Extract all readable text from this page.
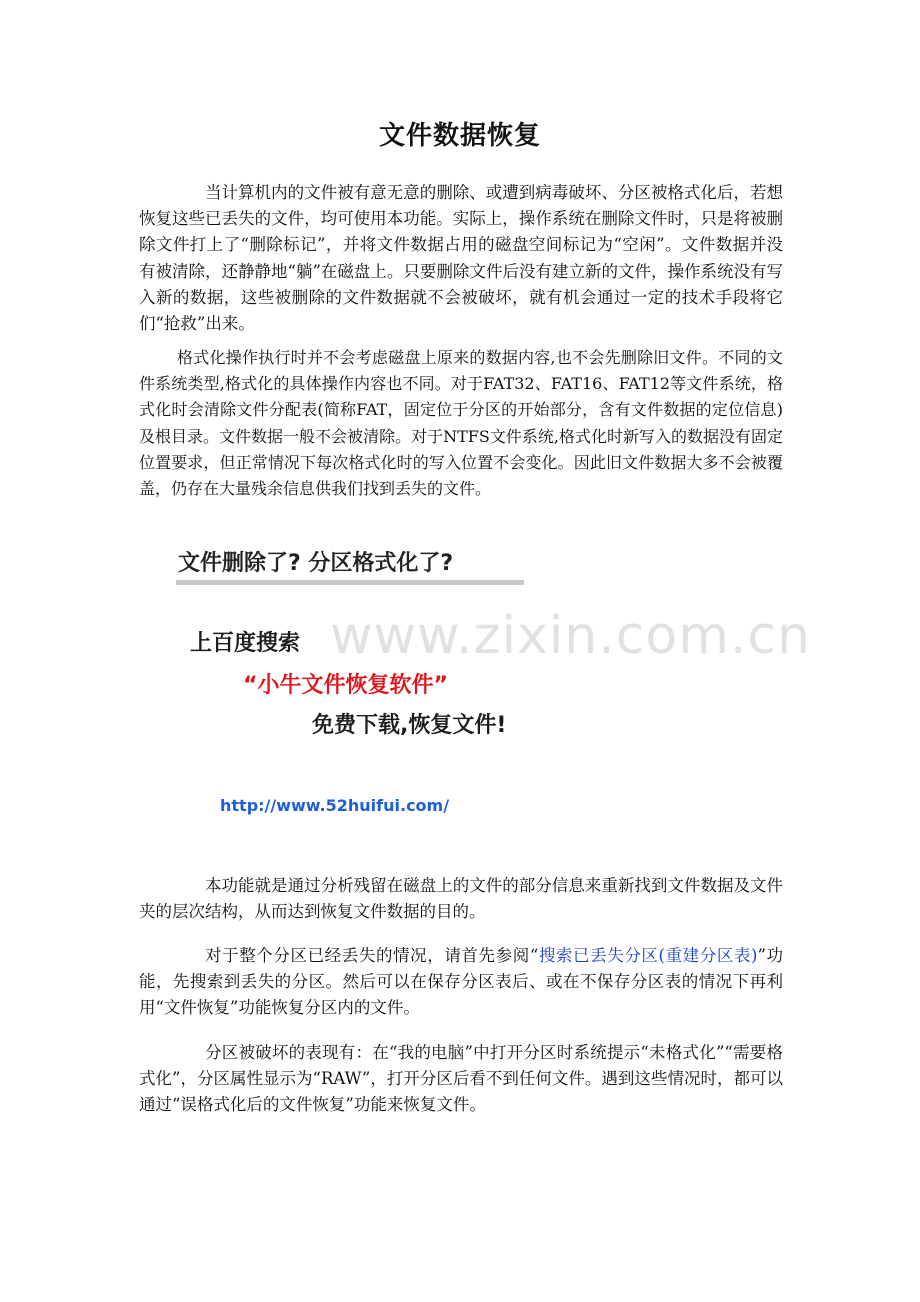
文件数据恢复

当计算机内的文件被有意无意的删除、或遭到病毒破坏、分区被格式化后，若想恢复这些已丢失的文件，均可使用本功能。实际上，操作系统在删除文件时，只是将被删除文件打上了“删除标记”，并将文件数据占用的磁盘空间标记为“空闲”。文件数据并没有被清除，还静静地“躺”在磁盘上。只要删除文件后没有建立新的文件，操作系统没有写入新的数据，这些被删除的文件数据就不会被破坏，就有机会通过一定的技术手段将它们“抢救”出来。

格式化操作执行时并不会考虑磁盘上原来的数据内容,也不会先删除旧文件。不同的文件系统类型,格式化的具体操作内容也不同。对于FAT32、FAT16、FAT12等文件系统，格式化时会清除文件分配表(简称FAT，固定位于分区的开始部分，含有文件数据的定位信息)及根目录。文件数据一般不会被清除。对于NTFS文件系统,格式化时新写入的数据没有固定位置要求，但正常情况下每次格式化时的写入位置不会变化。因此旧文件数据大多不会被覆盖，仍存在大量残余信息供我们找到丢失的文件。

文件删除了? 分区格式化了?
上百度搜索
“小牛文件恢复软件”
免费下载,恢复文件!
http://www.52huifui.com/
www.zixin.com.cn

本功能就是通过分析残留在磁盘上的文件的部分信息来重新找到文件数据及文件夹的层次结构，从而达到恢复文件数据的目的。

对于整个分区已经丢失的情况，请首先参阅“搜索已丢失分区(重建分区表)”功能，先搜索到丢失的分区。然后可以在保存分区表后、或在不保存分区表的情况下再利用“文件恢复”功能恢复分区内的文件。

分区被破坏的表现有：在“我的电脑”中打开分区时系统提示“未格式化”“需要格式化”，分区属性显示为“RAW”，打开分区后看不到任何文件。遇到这些情况时，都可以通过“误格式化后的文件恢复”功能来恢复文件。
